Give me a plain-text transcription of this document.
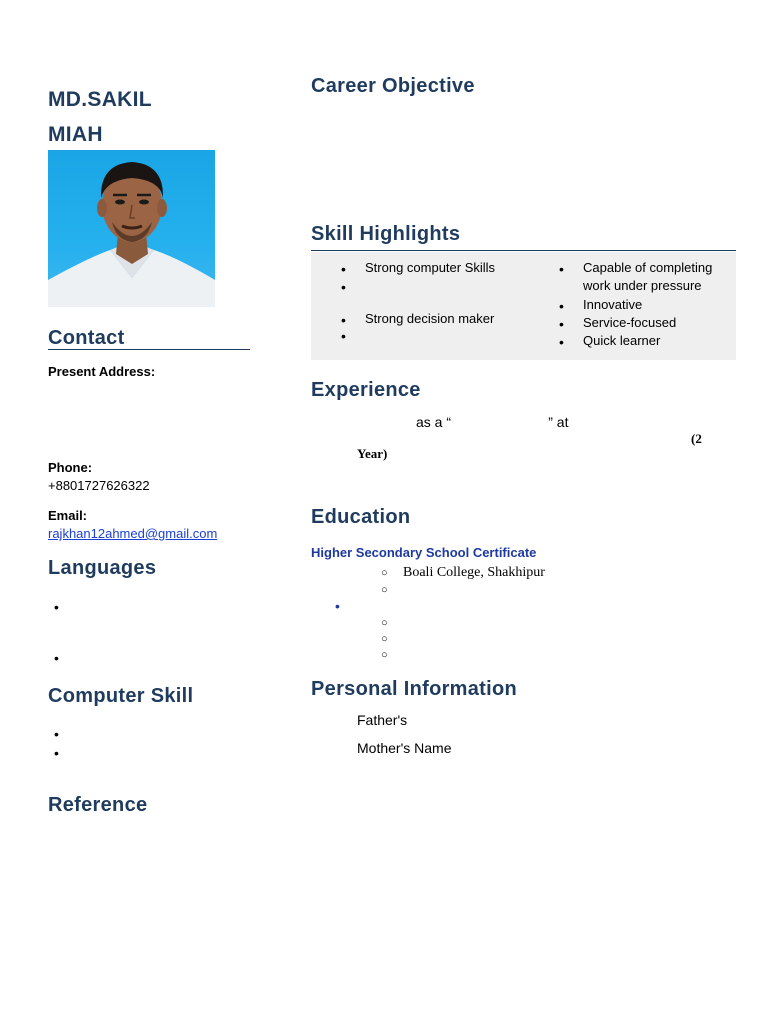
MD.SAKIL
MIAH
Contact
Present Address:
Phone:
+8801727626322
Email:
rajkhan12ahmed@gmail.com
Languages
•
•
Computer Skill
•
•
Reference
Career Objective
Skill Highlights
• Strong computer Skills
•
• Strong decision maker
•
• Capable of completing work under pressure
• Innovative
• Service-focused
• Quick learner
Experience
as a “                         ” at
(2
Year)
Education
Higher Secondary School Certificate
○ Boali College, Shakhipur
○
•
○
○
○
Personal Information
Father's
Mother's Name
